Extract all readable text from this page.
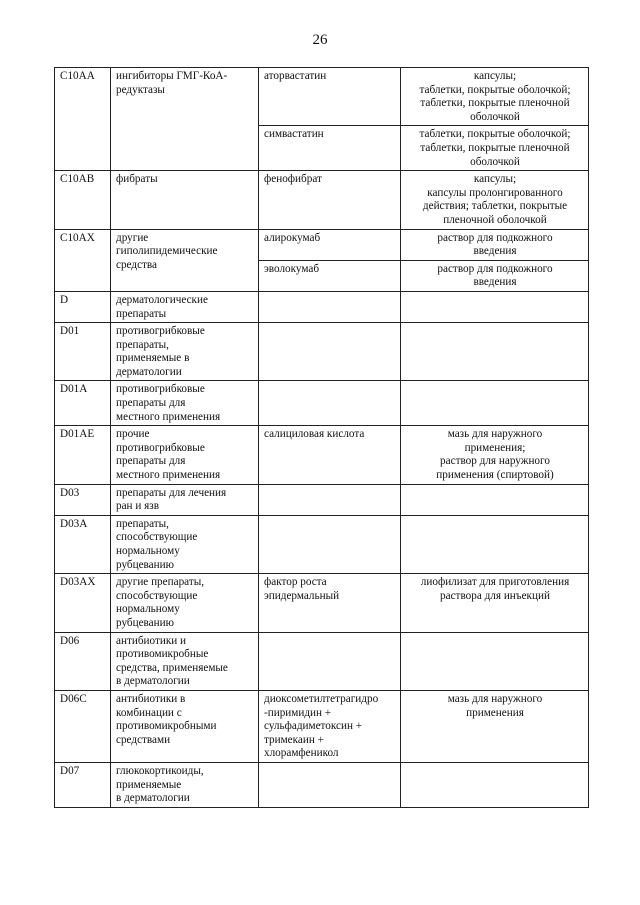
26
C10AA	ингибиторы ГМГ-КоА-
редуктазы	аторвастатин	капсулы;
таблетки, покрытые оболочкой;
таблетки, покрытые пленочной
оболочкой

		симвастатин	таблетки, покрытые оболочкой;
таблетки, покрытые пленочной
оболочкой

C10AB	фибраты	фенофибрат	капсулы;
капсулы пролонгированного
действия; таблетки, покрытые
пленочной оболочкой

C10AX	другие
гиполипидемические
средства	алирокумаб	раствор для подкожного
введения

		эволокумаб	раствор для подкожного
введения

D	дерматологические
препараты		

D01	противогрибковые
препараты,
применяемые в
дерматологии		

D01A	противогрибковые
препараты для
местного применения		

D01AE	прочие
противогрибковые
препараты для
местного применения	салициловая кислота	мазь для наружного
применения;
раствор для наружного
применения (спиртовой)

D03	препараты для лечения
ран и язв		

D03A	препараты,
способствующие
нормальному
рубцеванию		

D03AX	другие препараты,
способствующие
нормальному
рубцеванию	фактор роста
эпидермальный	лиофилизат для приготовления
раствора для инъекций

D06	антибиотики и
противомикробные
средства, применяемые
в дерматологии		

D06C	антибиотики в
комбинации с
противомикробными
средствами	диоксометилтетрагидро
-пиримидин +
сульфадиметоксин +
тримекаин +
хлорамфеникол	мазь для наружного
применения

D07	глюкокортикоиды,
применяемые
в дерматологии		
